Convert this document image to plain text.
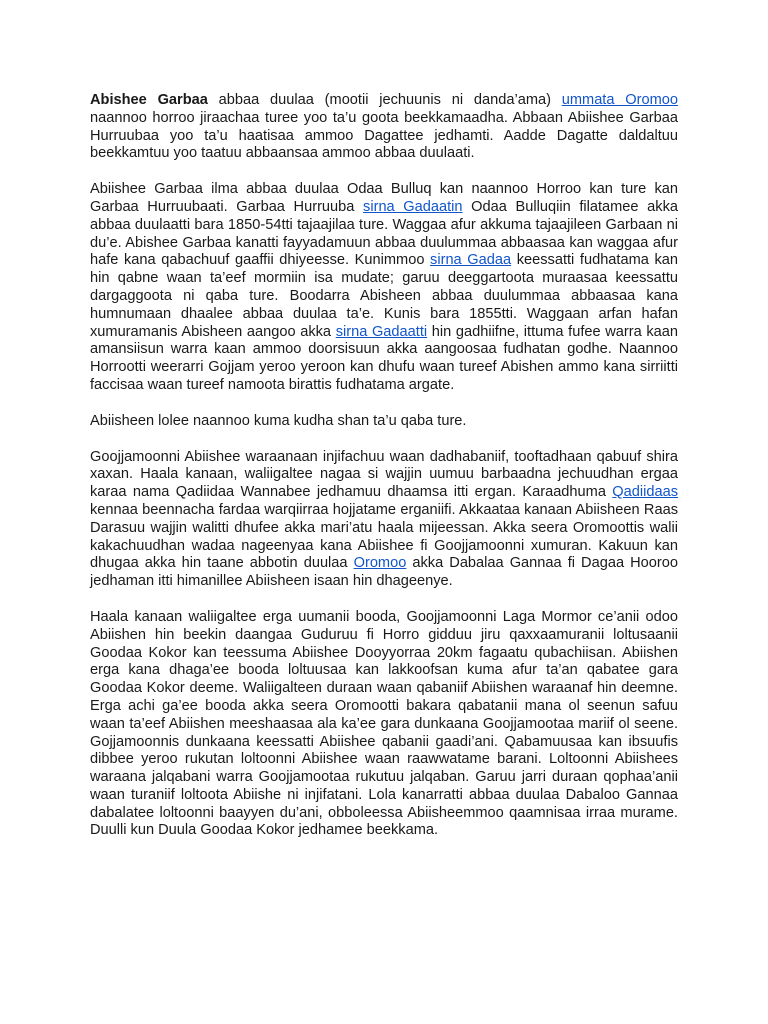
Abishee Garbaa abbaa duulaa (mootii jechuunis ni danda’ama) ummata Oromoo naannoo horroo jiraachaa turee yoo ta’u goota beekkamaadha. Abbaan Abiishee Garbaa Hurruubaa yoo ta’u haatisaa ammoo Dagattee jedhamti. Aadde Dagatte daldaltuu beekkamtuu yoo taatuu abbaansaa ammoo abbaa duulaati.

Abiishee Garbaa ilma abbaa duulaa Odaa Bulluq kan naannoo Horroo kan ture kan Garbaa Hurruubaati. Garbaa Hurruuba sirna Gadaatin Odaa Bulluqiin filatamee akka abbaa duulaatti bara 1850-54tti tajaajilaa ture. Waggaa afur akkuma tajaajileen Garbaan ni du’e. Abishee Garbaa kanatti fayyadamuun abbaa duulummaa abbaasaa kan waggaa afur hafe kana qabachuuf gaaffii dhiyeesse. Kunimmoo sirna Gadaa keessatti fudhatama kan hin qabne waan ta’eef mormiin isa mudate; garuu deeggartoota muraasaa keessattu dargaggoota ni qaba ture. Boodarra Abisheen abbaa duulummaa abbaasaa kana humnumaan dhaalee abbaa duulaa ta’e. Kunis bara 1855tti. Waggaan arfan hafan xumuramanis Abisheen aangoo akka sirna Gadaatti hin gadhiifne, ittuma fufee warra kaan amansiisun warra kaan ammoo doorsisuun akka aangoosaa fudhatan godhe. Naannoo Horrootti weerarri Gojjam yeroo yeroon kan dhufu waan tureef Abishen ammo kana sirriitti faccisaa waan tureef namoota birattis fudhatama argate.

Abiisheen lolee naannoo kuma kudha shan ta’u qaba ture.

Goojjamoonni Abiishee waraanaan injifachuu waan dadhabaniif, tooftadhaan qabuuf shira xaxan. Haala kanaan, waliigaltee nagaa si wajjin uumuu barbaadna jechuudhan ergaa karaa nama Qadiidaa Wannabee jedhamuu dhaamsa itti ergan. Karaadhuma Qadiidaas kennaa beennacha fardaa warqiirraa hojjatame erganiifi. Akkaataa kanaan Abiisheen Raas Darasuu wajjin walitti dhufee akka mari’atu haala mijeessan. Akka seera Oromoottis walii kakachuudhan wadaa nageenyaa kana Abiishee fi Goojjamoonni xumuran. Kakuun kan dhugaa akka hin taane abbotin duulaa Oromoo akka Dabalaa Gannaa fi Dagaa Hooroo jedhaman itti himanillee Abiisheen isaan hin dhageenye.

Haala kanaan waliigaltee erga uumanii booda, Goojjamoonni Laga Mormor ce’anii odoo Abiishen hin beekin daangaa Guduruu fi Horro gidduu jiru qaxxaamuranii loltusaanii Goodaa Kokor kan teessuma Abiishee Dooyyorraa 20km fagaatu qubachiisan. Abiishen erga kana dhaga’ee booda loltuusaa kan lakkoofsan kuma afur ta’an qabatee gara Goodaa Kokor deeme. Waliigalteen duraan waan qabaniif Abiishen waraanaf hin deemne. Erga achi ga’ee booda akka seera Oromootti bakara qabatanii mana ol seenun safuu waan ta’eef Abiishen meeshaasaa ala ka’ee gara dunkaana Goojjamootaa mariif ol seene. Gojjamoonnis dunkaana keessatti Abiishee qabanii gaadi’ani. Qabamuusaa kan ibsuufis dibbee yeroo rukutan loltoonni Abiishee waan raawwatame barani. Loltoonni Abiishees waraana jalqabani warra Goojjamootaa rukutuu jalqaban. Garuu jarri duraan qophaa’anii waan turaniif loltoota Abiishe ni injifatani. Lola kanarratti abbaa duulaa Dabaloo Gannaa dabalatee loltoonni baayyen du’ani, obboleessa Abiisheemmoo qaamnisaa irraa murame. Duulli kun Duula Goodaa Kokor jedhamee beekkama.
